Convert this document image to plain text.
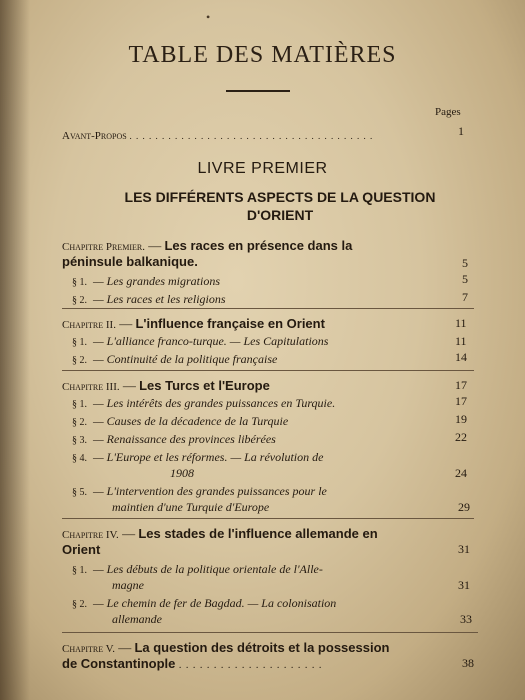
•
TABLE DES MATIÈRES
Pages
Avant-Propos . . . . . . . . . . . . . . . . . . . . . . . . . . . . . . . . . . . . . .	1
LIVRE PREMIER
LES DIFFÉRENTS ASPECTS DE LA QUESTION
D'ORIENT
Chapitre Premier. — Les races en présence dans la
péninsule balkanique.	5
§ 1. — Les grandes migrations	5
§ 2. — Les races et les religions	7
Chapitre II. — L'influence française en Orient	11
§ 1. — L'alliance franco-turque. — Les Capitulations	11
§ 2. — Continuité de la politique française	14
Chapitre III. — Les Turcs et l'Europe	17
§ 1. — Les intérêts des grandes puissances en Turquie.	17
§ 2. — Causes de la décadence de la Turquie	19
§ 3. — Renaissance des provinces libérées	22
§ 4. — L'Europe et les réformes. — La révolution de
1908	24
§ 5. — L'intervention des grandes puissances pour le
maintien d'une Turquie d'Europe	29
Chapitre IV. — Les stades de l'influence allemande en
Orient	31
§ 1. — Les débuts de la politique orientale de l'Alle-
magne	31
§ 2. — Le chemin de fer de Bagdad. — La colonisation
allemande	33
Chapitre V. — La question des détroits et la possession
de Constantinople . . . . . . . . . . . . . . . . . . . . .	38
